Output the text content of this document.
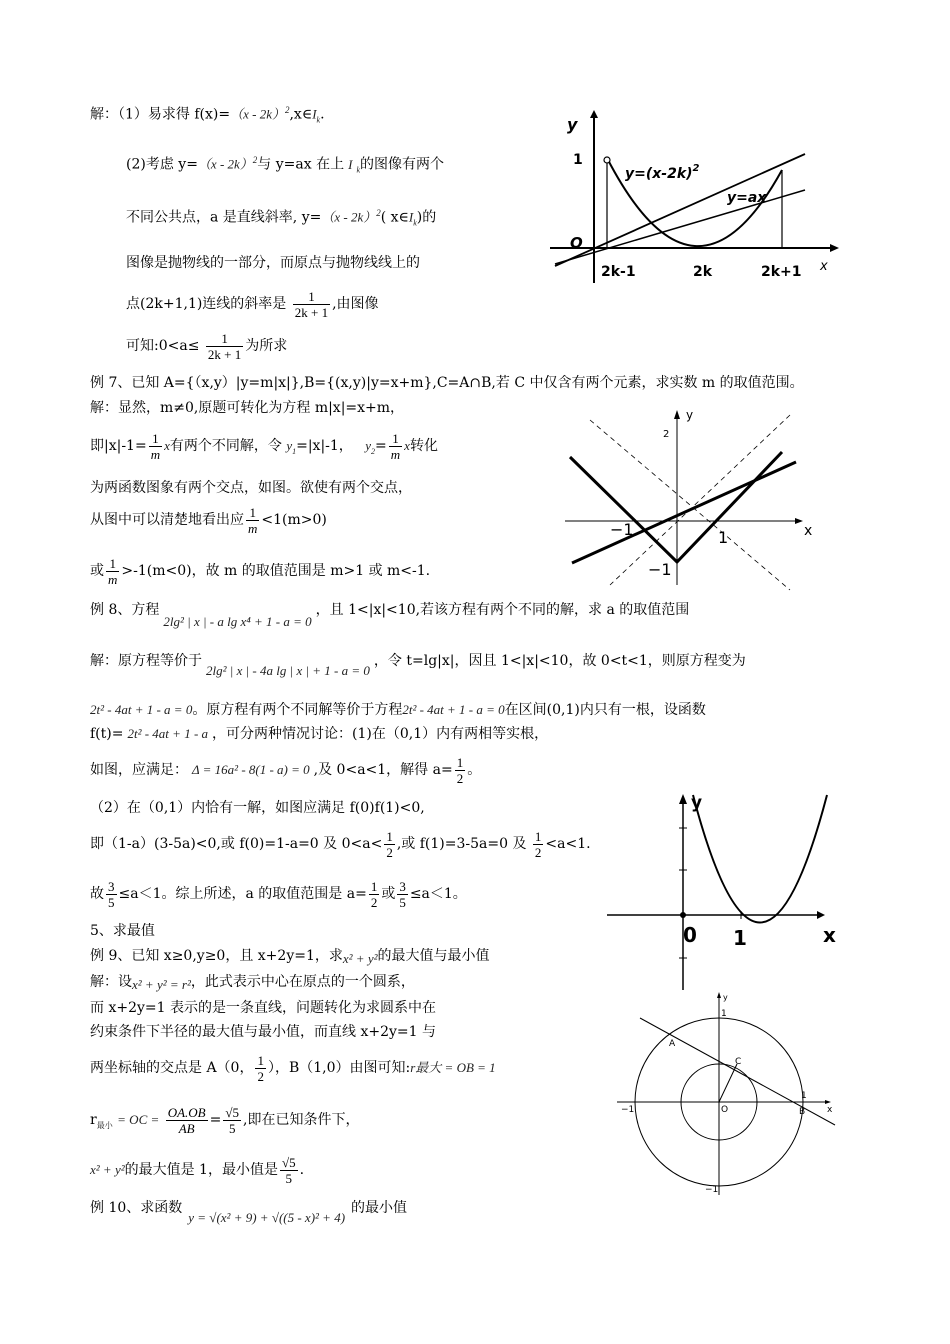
解：（1）易求得 $f(x)=(x - 2k)^2,x\in I_k$.
(2)考虑 y=（x - 2k）$^2$与 y=ax 在上 I $_k$的图像有两个
不同公共点，a 是直线斜率, y=（x - 2k）$^2$( $x\in I_k$)的
图像是抛物线的一部分，而原点与抛物线线上的
点(2k+1,1)连线的斜率是 $\frac{1}{2k + 1}$ ,由图像
可知:0<a≤ $\frac{1}{2k + 1}$ 为所求
例 7、已知 A={（x,y）|y=m|x|},B={(x,y)|y=x+m},C=A∩B,若 C 中仅含有两个元素，求实数 m 的取值范围。
解：显然，m≠0,原题可转化为方程 m|x|=x+m，
即$|x|-1= \frac{1}{m}$ x有两个不同解，令 $y_1=|x|-1$， $y_2= \frac{1}{m}$ x转化
为两函数图象有两个交点，如图。欲使有两个交点，
从图中可以清楚地看出应 $\frac{1}{m} <1(m>0)$
或 $\frac{1}{m} >-1(m<0)$，故 m 的取值范围是 m>1 或 m<-1.
例 8、方程2lg² | x | - a lg x⁴ + 1 - a = 0，且 1<|x|<10,若该方程有两个不同的解，求 a 的取值范围
解：原方程等价于2lg² | x | - 4a lg | x | + 1 - a = 0，令 t=lg|x|，因且 1<|x|<10，故 0<t<1，则原方程变为
2t² - 4at + 1 - a = 0。原方程有两个不同解等价于方程2t² - 4at + 1 - a = 0在区间(0,1)内只有一根，设函数
f(t)= 2t² - 4at + 1 - a ，可分两种情况讨论：(1)在（0,1）内有两相等实根，
如图，应满足： Δ = 16a² - 8(1 - a) = 0 ,及 0<a<1，解得 $a= \frac{1}{2}$ 。
（2）在（0,1）内恰有一解，如图应满足 f(0)f(1)<0,
即（1-a）(3-5a)<0,或 f(0)=1-a=0 及 $0<a< \frac{1}{2}$ ,或 f(1)=3-5a=0 及 $\frac{1}{2} <a<1$.
故 $\frac{3}{5} \le a<1$。综上所述，a 的取值范围是 $a= \frac{1}{2}$ 或 $\frac{3}{5} \le a<1$。
5、求最值
例 9、已知 x≥0,y≥0，且 x+2y=1，求x² + y²的最大值与最小值
解：设x² + y² = r²，此式表示中心在原点的一个圆系，
而 x+2y=1 表示的是一条直线，问题转化为求圆系中在
约束条件下半径的最大值与最小值，而直线 x+2y=1 与
两坐标轴的交点是 A（0， $\frac{1}{2}$ ），B（1,0）由图可知:r最大 = OB = 1
$r_{最小}$ = OC = $\frac{OA.OB}{AB} = \frac{√5}{5}$ ,即在已知条件下，
x² + y²的最大值是 1，最小值是 $\frac{√5}{5}$ .
例 10、求函数y = √(x² + 9) + √((5 - x)² + 4)的最小值
y
x
1
O
2k-1	2k	2k+1
$y=(x-2k)^2$
y=ax
y
x
2
−1	1
−1
y
x
0 1
y
x
1
−1	O
1
−1
A
B
C
